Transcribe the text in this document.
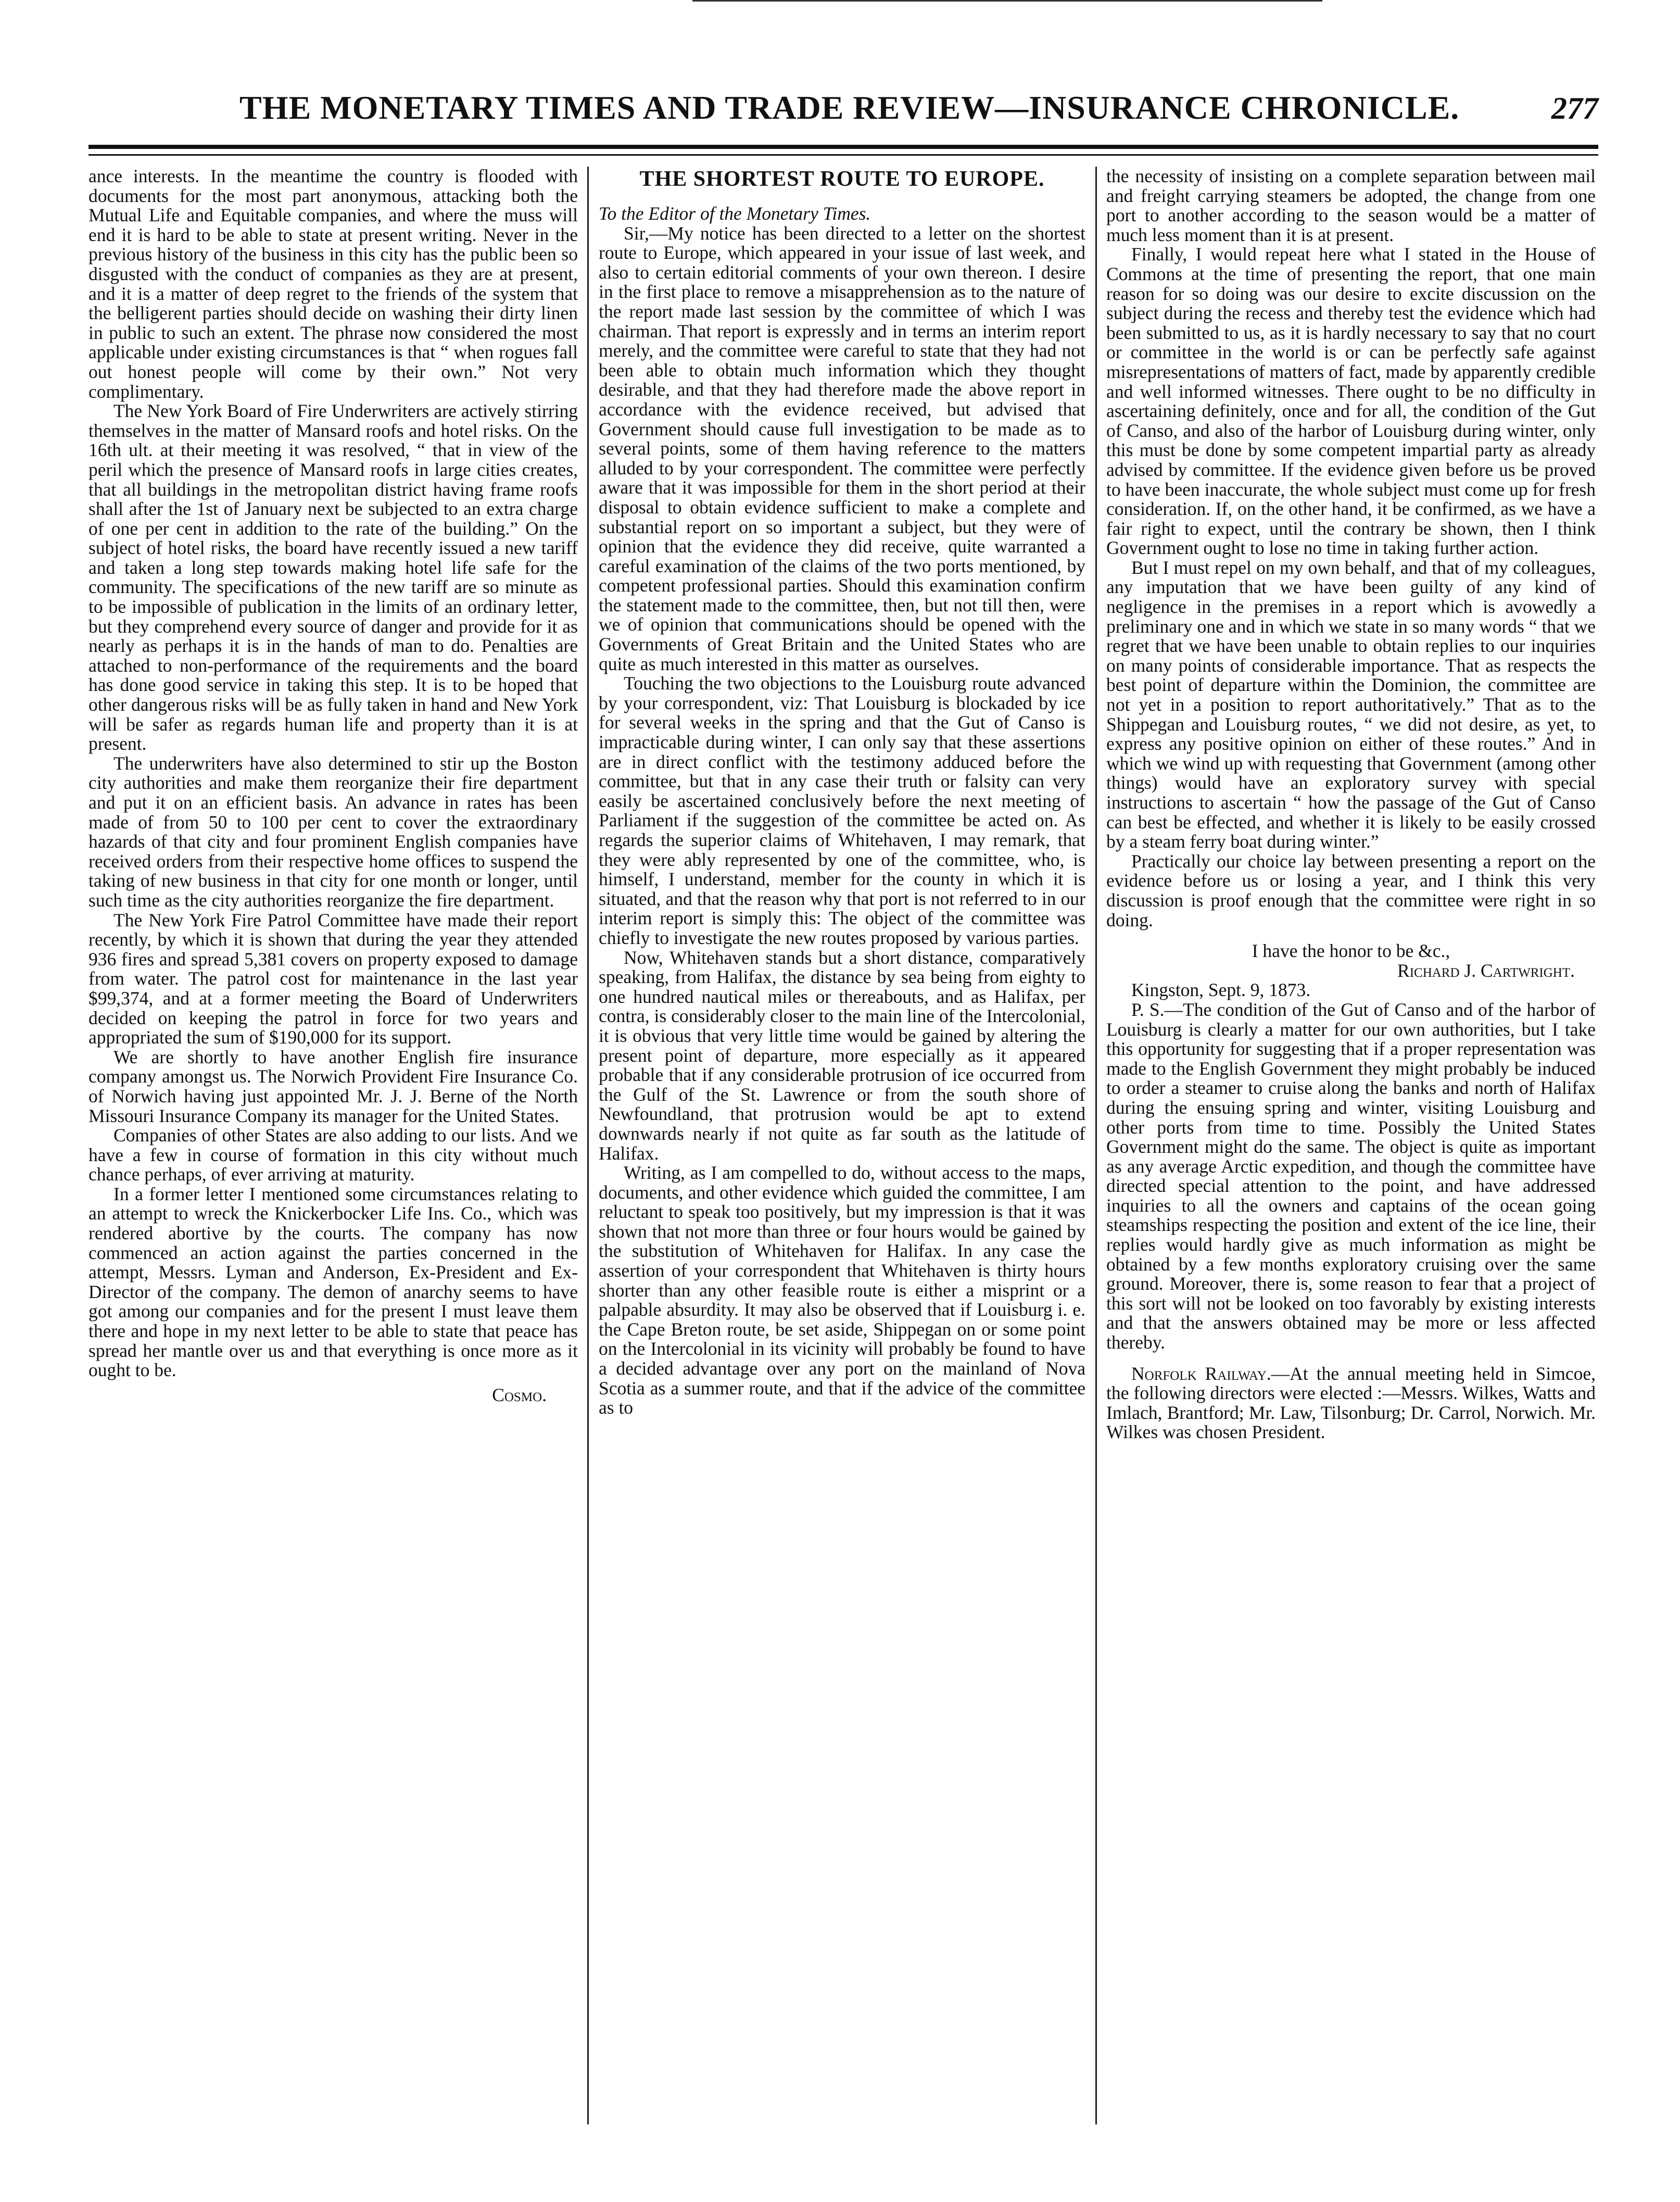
THE MONETARY TIMES AND TRADE REVIEW—INSURANCE CHRONICLE.	277

ance interests. In the meantime the country is flooded with documents for the most part anonymous, attacking both the Mutual Life and Equitable companies, and where the muss will end it is hard to be able to state at present writing. Never in the previous history of the business in this city has the public been so disgusted with the conduct of companies as they are at present, and it is a matter of deep regret to the friends of the system that the belligerent parties should decide on washing their dirty linen in public to such an extent. The phrase now considered the most applicable under existing circumstances is that “ when rogues fall out honest people will come by their own.” Not very complimentary.

The New York Board of Fire Underwriters are actively stirring themselves in the matter of Mansard roofs and hotel risks. On the 16th ult. at their meeting it was resolved, “ that in view of the peril which the presence of Mansard roofs in large cities creates, that all buildings in the metropolitan district having frame roofs shall after the 1st of January next be subjected to an extra charge of one per cent in addition to the rate of the building.” On the subject of hotel risks, the board have recently issued a new tariff and taken a long step towards making hotel life safe for the community. The specifications of the new tariff are so minute as to be impossible of publication in the limits of an ordinary letter, but they comprehend every source of danger and provide for it as nearly as perhaps it is in the hands of man to do. Penalties are attached to non-performance of the requirements and the board has done good service in taking this step. It is to be hoped that other dangerous risks will be as fully taken in hand and New York will be safer as regards human life and property than it is at present.

The underwriters have also determined to stir up the Boston city authorities and make them reorganize their fire department and put it on an efficient basis. An advance in rates has been made of from 50 to 100 per cent to cover the extraordinary hazards of that city and four prominent English companies have received orders from their respective home offices to suspend the taking of new business in that city for one month or longer, until such time as the city authorities reorganize the fire department.

The New York Fire Patrol Committee have made their report recently, by which it is shown that during the year they attended 936 fires and spread 5,381 covers on property exposed to damage from water. The patrol cost for maintenance in the last year $99,374, and at a former meeting the Board of Underwriters decided on keeping the patrol in force for two years and appropriated the sum of $190,000 for its support.

We are shortly to have another English fire insurance company amongst us. The Norwich Provident Fire Insurance Co. of Norwich having just appointed Mr. J. J. Berne of the North Missouri Insurance Company its manager for the United States.

Companies of other States are also adding to our lists. And we have a few in course of formation in this city without much chance perhaps, of ever arriving at maturity.

In a former letter I mentioned some circumstances relating to an attempt to wreck the Knickerbocker Life Ins. Co., which was rendered abortive by the courts. The company has now commenced an action against the parties concerned in the attempt, Messrs. Lyman and Anderson, Ex-President and Ex-Director of the company. The demon of anarchy seems to have got among our companies and for the present I must leave them there and hope in my next letter to be able to state that peace has spread her mantle over us and that everything is once more as it ought to be.

Cosmo.
THE SHORTEST ROUTE TO EUROPE.

To the Editor of the Monetary Times.

Sir,—My notice has been directed to a letter on the shortest route to Europe, which appeared in your issue of last week, and also to certain editorial comments of your own thereon. I desire in the first place to remove a misapprehension as to the nature of the report made last session by the committee of which I was chairman. That report is expressly and in terms an interim report merely, and the committee were careful to state that they had not been able to obtain much information which they thought desirable, and that they had therefore made the above report in accordance with the evidence received, but advised that Government should cause full investigation to be made as to several points, some of them having reference to the matters alluded to by your correspondent. The committee were perfectly aware that it was impossible for them in the short period at their disposal to obtain evidence sufficient to make a complete and substantial report on so important a subject, but they were of opinion that the evidence they did receive, quite warranted a careful examination of the claims of the two ports mentioned, by competent professional parties. Should this examination confirm the statement made to the committee, then, but not till then, were we of opinion that communications should be opened with the Governments of Great Britain and the United States who are quite as much interested in this matter as ourselves.

Touching the two objections to the Louisburg route advanced by your correspondent, viz: That Louisburg is blockaded by ice for several weeks in the spring and that the Gut of Canso is impracticable during winter, I can only say that these assertions are in direct conflict with the testimony adduced before the committee, but that in any case their truth or falsity can very easily be ascertained conclusively before the next meeting of Parliament if the suggestion of the committee be acted on. As regards the superior claims of Whitehaven, I may remark, that they were ably represented by one of the committee, who, is himself, I understand, member for the county in which it is situated, and that the reason why that port is not referred to in our interim report is simply this: The object of the committee was chiefly to investigate the new routes proposed by various parties.

Now, Whitehaven stands but a short distance, comparatively speaking, from Halifax, the distance by sea being from eighty to one hundred nautical miles or thereabouts, and as Halifax, per contra, is considerably closer to the main line of the Intercolonial, it is obvious that very little time would be gained by altering the present point of departure, more especially as it appeared probable that if any considerable protrusion of ice occurred from the Gulf of the St. Lawrence or from the south shore of Newfoundland, that protrusion would be apt to extend downwards nearly if not quite as far south as the latitude of Halifax.

Writing, as I am compelled to do, without access to the maps, documents, and other evidence which guided the committee, I am reluctant to speak too positively, but my impression is that it was shown that not more than three or four hours would be gained by the substitution of Whitehaven for Halifax. In any case the assertion of your correspondent that Whitehaven is thirty hours shorter than any other feasible route is either a misprint or a palpable absurdity. It may also be observed that if Louisburg i. e. the Cape Breton route, be set aside, Shippegan on or some point on the Intercolonial in its vicinity will probably be found to have a decided advantage over any port on the mainland of Nova Scotia as a summer route, and that if the advice of the committee as to

the necessity of insisting on a complete separation between mail and freight carrying steamers be adopted, the change from one port to another according to the season would be a matter of much less moment than it is at present.

Finally, I would repeat here what I stated in the House of Commons at the time of presenting the report, that one main reason for so doing was our desire to excite discussion on the subject during the recess and thereby test the evidence which had been submitted to us, as it is hardly necessary to say that no court or committee in the world is or can be perfectly safe against misrepresentations of matters of fact, made by apparently credible and well informed witnesses. There ought to be no difficulty in ascertaining definitely, once and for all, the condition of the Gut of Canso, and also of the harbor of Louisburg during winter, only this must be done by some competent impartial party as already advised by committee. If the evidence given before us be proved to have been inaccurate, the whole subject must come up for fresh consideration. If, on the other hand, it be confirmed, as we have a fair right to expect, until the contrary be shown, then I think Government ought to lose no time in taking further action.

But I must repel on my own behalf, and that of my colleagues, any imputation that we have been guilty of any kind of negligence in the premises in a report which is avowedly a preliminary one and in which we state in so many words “ that we regret that we have been unable to obtain replies to our inquiries on many points of considerable importance. That as respects the best point of departure within the Dominion, the committee are not yet in a position to report authoritatively.” That as to the Shippegan and Louisburg routes, “ we did not desire, as yet, to express any positive opinion on either of these routes.” And in which we wind up with requesting that Government (among other things) would have an exploratory survey with special instructions to ascertain “ how the passage of the Gut of Canso can best be effected, and whether it is likely to be easily crossed by a steam ferry boat during winter.”

Practically our choice lay between presenting a report on the evidence before us or losing a year, and I think this very discussion is proof enough that the committee were right in so doing.

I have the honor to be &c.,

Richard J. Cartwright.

Kingston, Sept. 9, 1873.

P. S.—The condition of the Gut of Canso and of the harbor of Louisburg is clearly a matter for our own authorities, but I take this opportunity for suggesting that if a proper representation was made to the English Government they might probably be induced to order a steamer to cruise along the banks and north of Halifax during the ensuing spring and winter, visiting Louisburg and other ports from time to time. Possibly the United States Government might do the same. The object is quite as important as any average Arctic expedition, and though the committee have directed special attention to the point, and have addressed inquiries to all the owners and captains of the ocean going steamships respecting the position and extent of the ice line, their replies would hardly give as much information as might be obtained by a few months exploratory cruising over the same ground. Moreover, there is, some reason to fear that a project of this sort will not be looked on too favorably by existing interests and that the answers obtained may be more or less affected thereby.

Norfolk Railway.—At the annual meeting held in Simcoe, the following directors were elected :—Messrs. Wilkes, Watts and Imlach, Brantford; Mr. Law, Tilsonburg; Dr. Carrol, Norwich. Mr. Wilkes was chosen President.
